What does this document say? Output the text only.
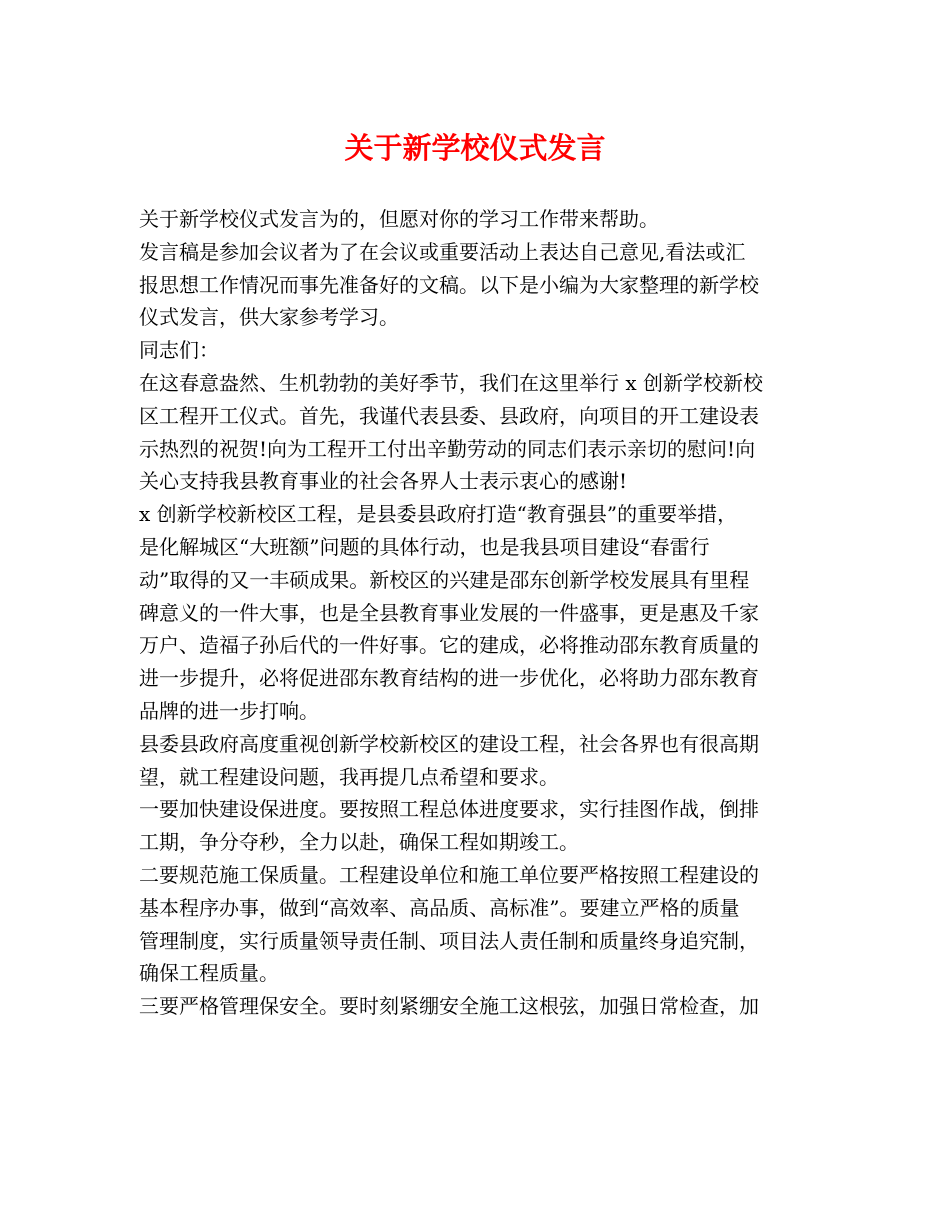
关于新学校仪式发言
关于新学校仪式发言为的，但愿对你的学习工作带来帮助。
发言稿是参加会议者为了在会议或重要活动上表达自己意见,看法或汇
报思想工作情况而事先准备好的文稿。以下是小编为大家整理的新学校
仪式发言，供大家参考学习。
同志们：
在这春意盎然、生机勃勃的美好季节，我们在这里举行 x 创新学校新校
区工程开工仪式。首先，我谨代表县委、县政府，向项目的开工建设表
示热烈的祝贺!向为工程开工付出辛勤劳动的同志们表示亲切的慰问!向
关心支持我县教育事业的社会各界人士表示衷心的感谢!
x 创新学校新校区工程，是县委县政府打造“教育强县”的重要举措，
是化解城区“大班额”问题的具体行动，也是我县项目建设“春雷行
动”取得的又一丰硕成果。新校区的兴建是邵东创新学校发展具有里程
碑意义的一件大事，也是全县教育事业发展的一件盛事，更是惠及千家
万户、造福子孙后代的一件好事。它的建成，必将推动邵东教育质量的
进一步提升，必将促进邵东教育结构的进一步优化，必将助力邵东教育
品牌的进一步打响。
县委县政府高度重视创新学校新校区的建设工程，社会各界也有很高期
望，就工程建设问题，我再提几点希望和要求。
一要加快建设保进度。要按照工程总体进度要求，实行挂图作战，倒排
工期，争分夺秒，全力以赴，确保工程如期竣工。
二要规范施工保质量。工程建设单位和施工单位要严格按照工程建设的
基本程序办事，做到“高效率、高品质、高标准”。要建立严格的质量
管理制度，实行质量领导责任制、项目法人责任制和质量终身追究制，
确保工程质量。
三要严格管理保安全。要时刻紧绷安全施工这根弦，加强日常检查，加
